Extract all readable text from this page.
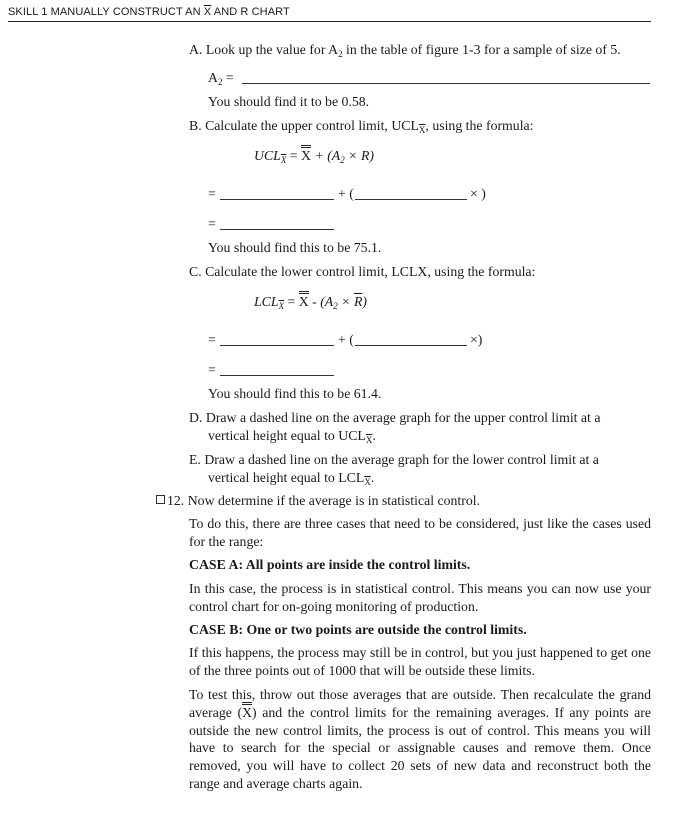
SKILL 1 MANUALLY CONSTRUCT AN $\overline{X}$ AND R CHART
A. Look up the value for $A_2$ in the table of figure 1-3 for a sample of size of 5.
$A_2$ =
You should find it to be 0.58.
B. Calculate the upper control limit, $UCL_{\overline{X}}$, using the formula:
$UCL_{\overline{X}} = X + (A_2 \times R)$
=	+ (	× )
=
You should find this to be 75.1.
C. Calculate the lower control limit, LCLX, using the formula:
$LCL_{\overline{X}} = X - (A_2 \times \overline{R})$
=	+ (	×)
=
You should find this to be 61.4.
D. Draw a dashed line on the average graph for the upper control limit at a
vertical height equal to $UCL_{\overline{X}}$.
E. Draw a dashed line on the average graph for the lower control limit at a
vertical height equal to $LCL_{\overline{X}}$.
12. Now determine if the average is in statistical control.
To do this, there are three cases that need to be considered, just like the cases used for the range:
CASE A: All points are inside the control limits.
In this case, the process is in statistical control. This means you can now use your control chart for on-going monitoring of production.
CASE B: One or two points are outside the control limits.
If this happens, the process may still be in control, but you just happened to get one of the three points out of 1000 that will be outside these limits.
To test this, throw out those averages that are outside. Then recalculate the grand average (X) and the control limits for the remaining averages. If any points are outside the new control limits, the process is out of control. This means you will have to search for the special or assignable causes and remove them. Once removed, you will have to collect 20 sets of new data and reconstruct both the range and average charts again.
